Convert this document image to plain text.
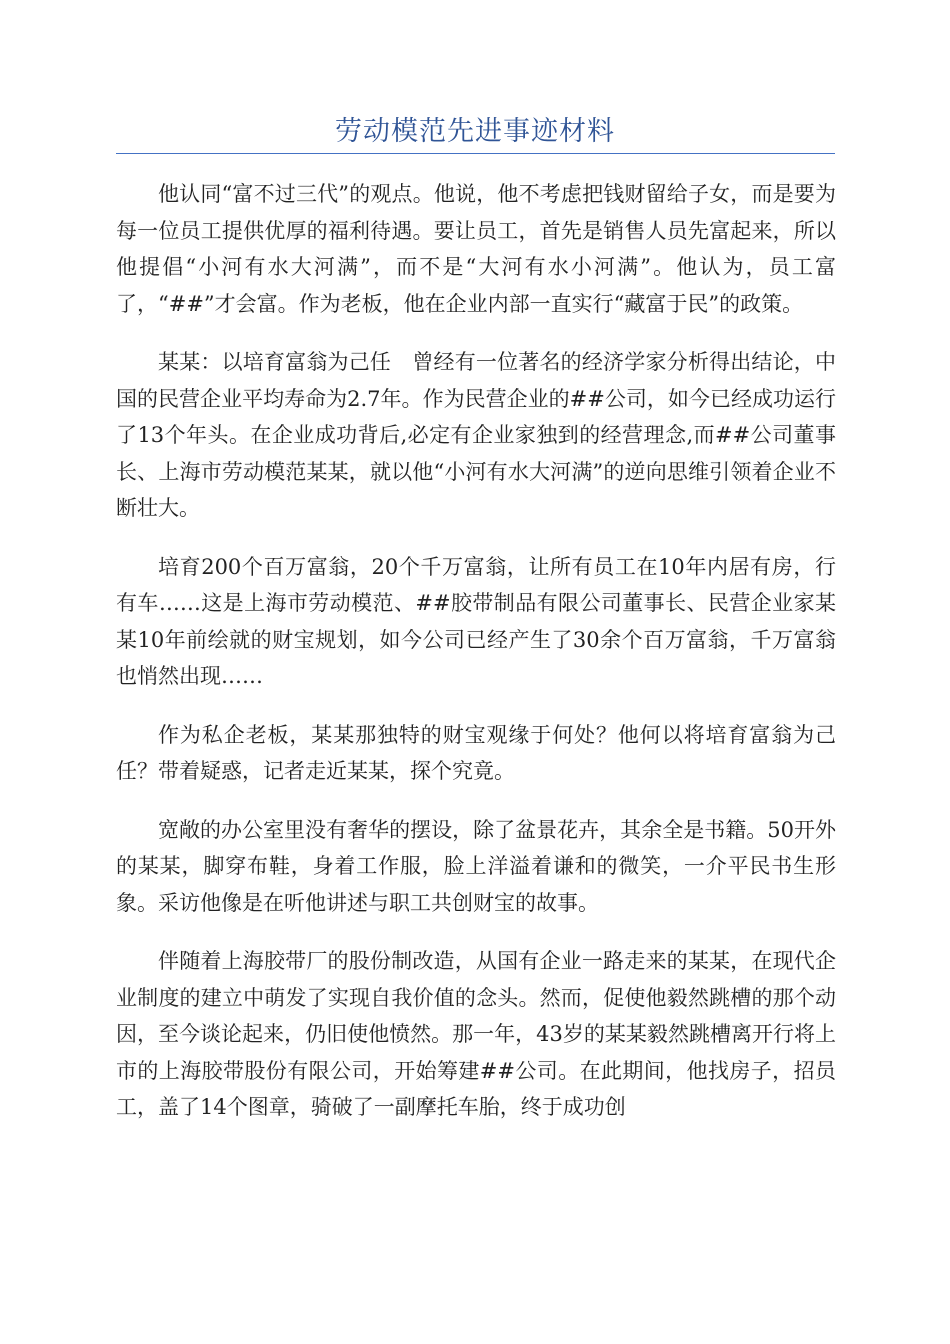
劳动模范先进事迹材料

他认同“富不过三代”的观点。他说，他不考虑把钱财留给子女，而是要为每一位员工提供优厚的福利待遇。要让员工，首先是销售人员先富起来，所以他提倡“小河有水大河满”，而不是“大河有水小河满”。他认为，员工富了，“##”才会富。作为老板，他在企业内部一直实行“藏富于民”的政策。

某某：以培育富翁为己任　曾经有一位著名的经济学家分析得出结论，中国的民营企业平均寿命为2.7年。作为民营企业的##公司，如今已经成功运行了13个年头。在企业成功背后,必定有企业家独到的经营理念,而##公司董事长、上海市劳动模范某某，就以他“小河有水大河满”的逆向思维引领着企业不断壮大。

培育200个百万富翁，20个千万富翁，让所有员工在10年内居有房，行有车……这是上海市劳动模范、##胶带制品有限公司董事长、民营企业家某某10年前绘就的财宝规划，如今公司已经产生了30余个百万富翁，千万富翁也悄然出现……

作为私企老板，某某那独特的财宝观缘于何处？他何以将培育富翁为己任？带着疑惑，记者走近某某，探个究竟。

宽敞的办公室里没有奢华的摆设，除了盆景花卉，其余全是书籍。50开外的某某，脚穿布鞋，身着工作服，脸上洋溢着谦和的微笑，一介平民书生形象。采访他像是在听他讲述与职工共创财宝的故事。

伴随着上海胶带厂的股份制改造，从国有企业一路走来的某某，在现代企业制度的建立中萌发了实现自我价值的念头。然而，促使他毅然跳槽的那个动因，至今谈论起来，仍旧使他愤然。那一年，43岁的某某毅然跳槽离开行将上市的上海胶带股份有限公司，开始筹建##公司。在此期间，他找房子，招员工，盖了14个图章，骑破了一副摩托车胎，终于成功创
